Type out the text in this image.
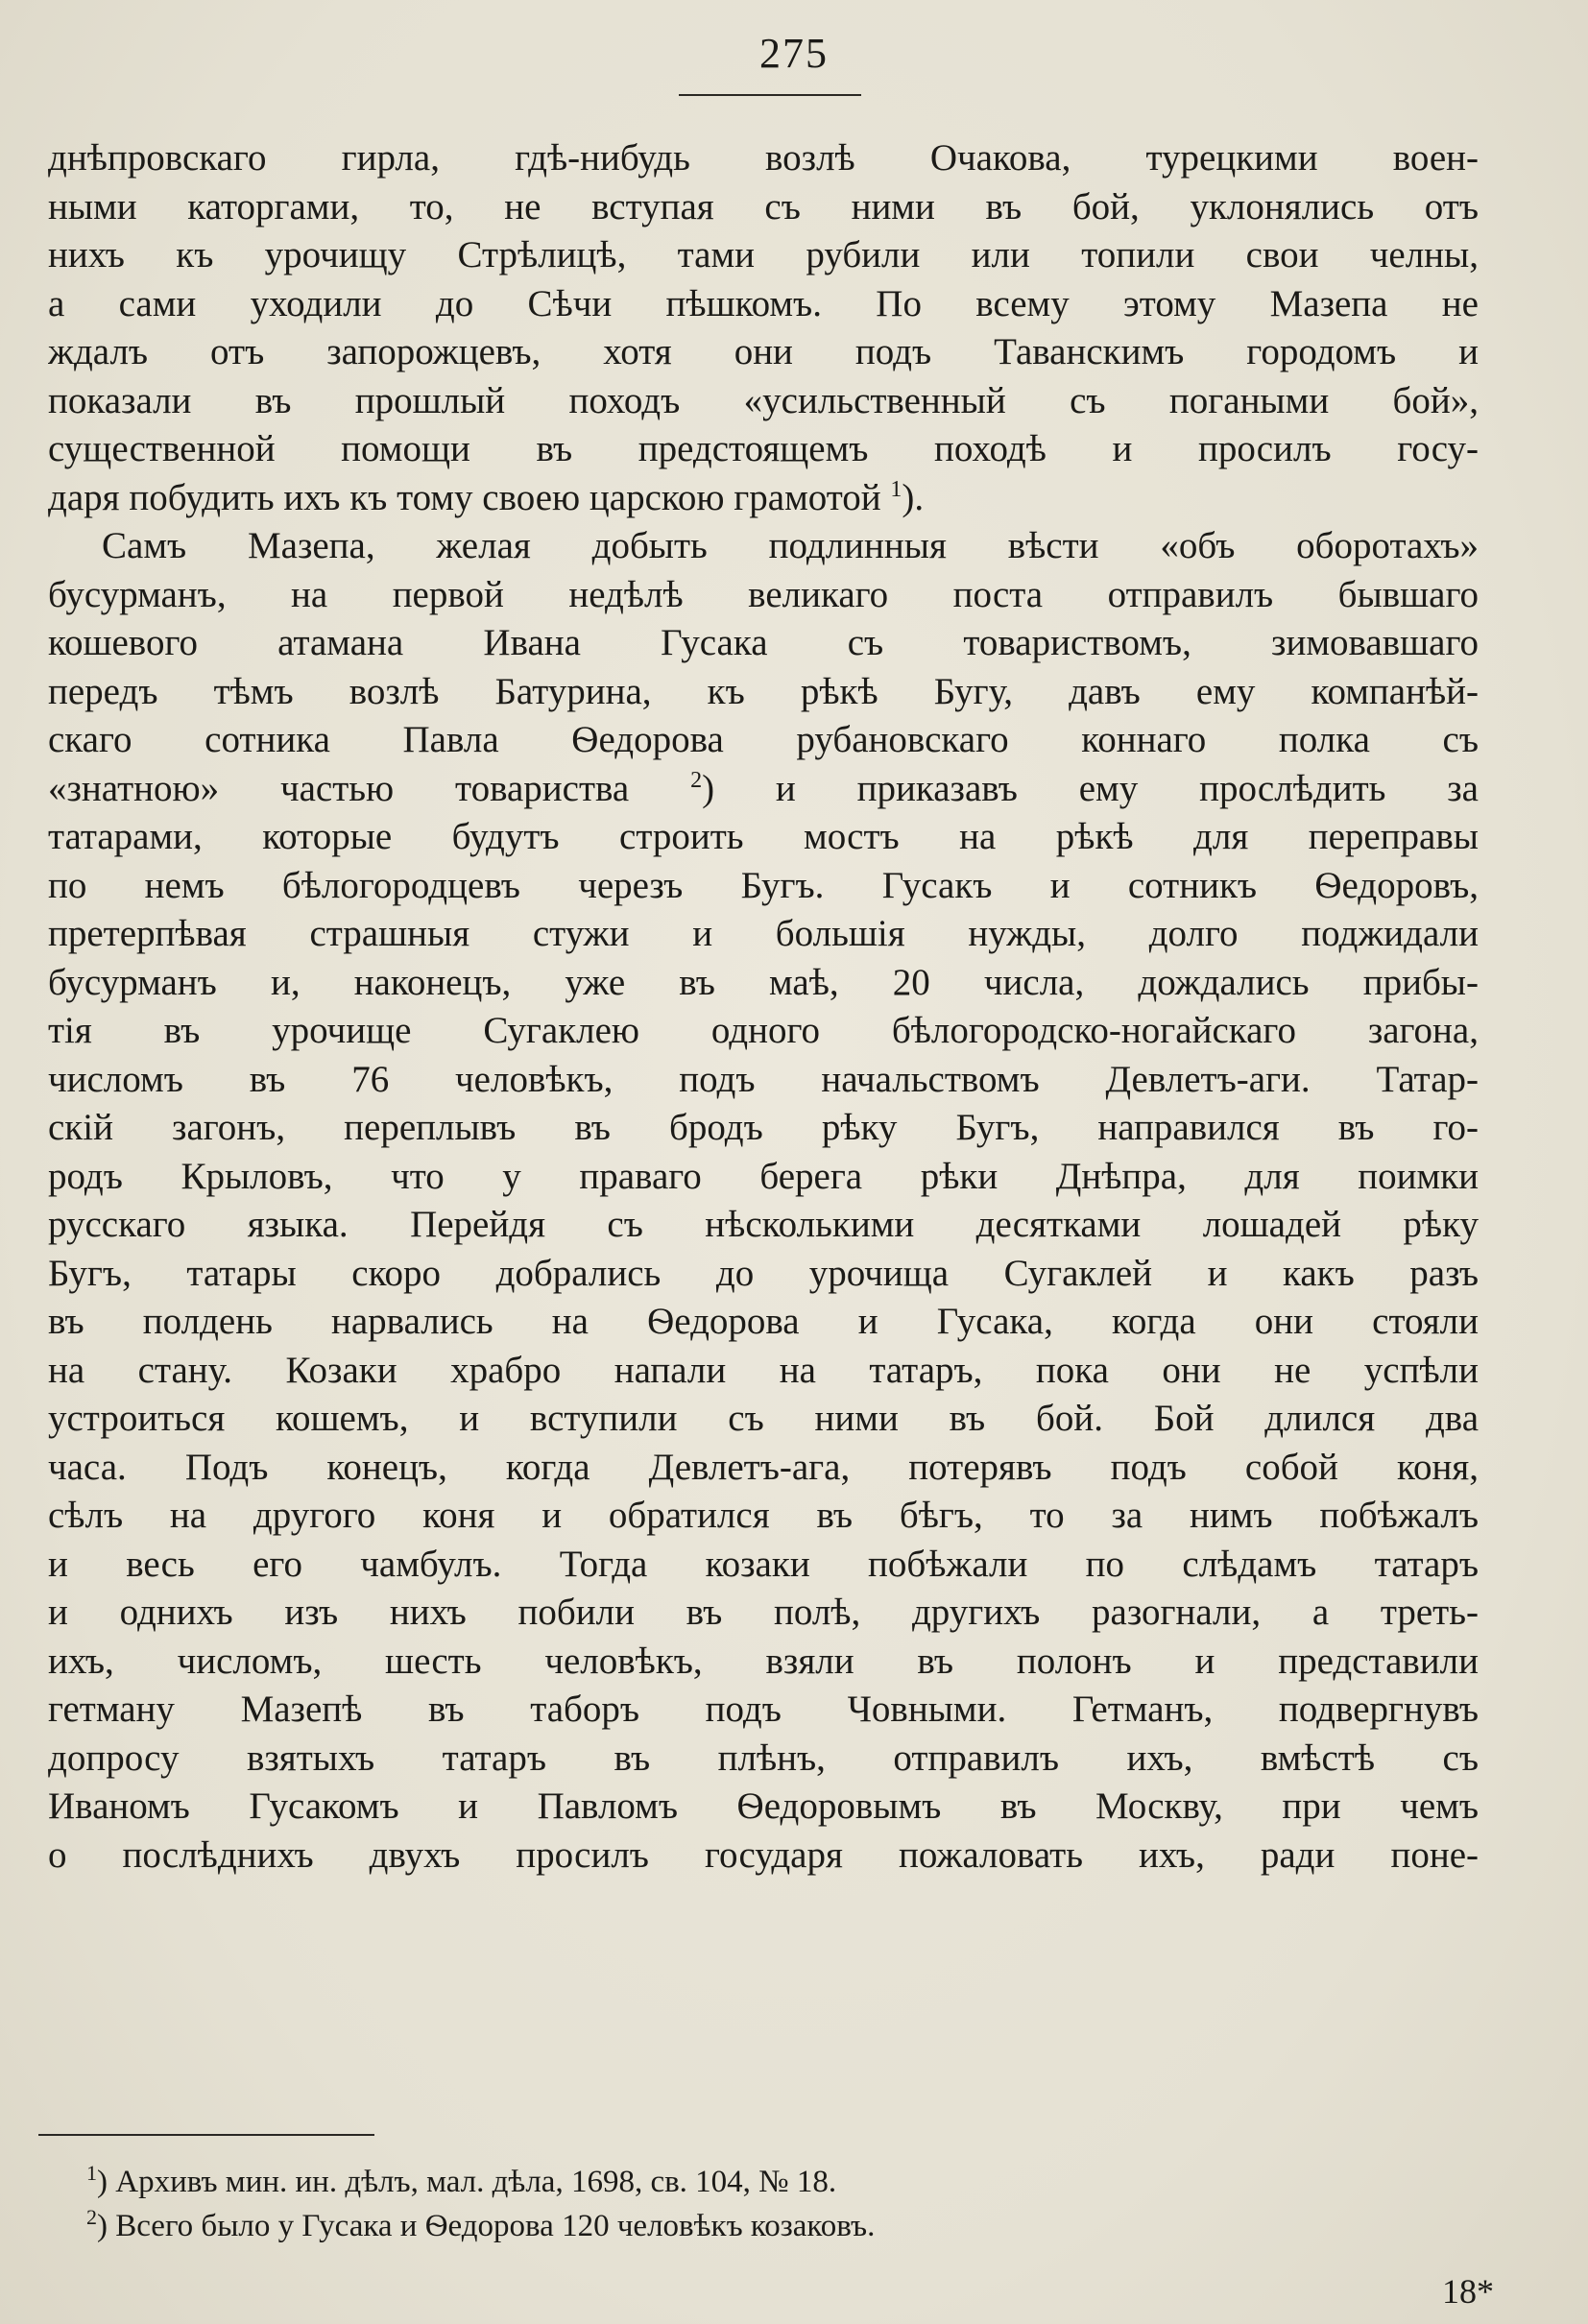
275
днѣпровскаго гирла, гдѣ-нибудь возлѣ Очакова, турецкими воен-
ными каторгами, то, не вступая съ ними въ бой, уклонялись отъ
нихъ къ урочищу Стрѣлицѣ, тами рубили или топили свои челны,
а сами уходили до Сѣчи пѣшкомъ. По всему этому Мазепа не
ждалъ отъ запорожцевъ, хотя они подъ Таванскимъ городомъ и
показали въ прошлый походъ «усильственный съ погаными бой»,
существенной помощи въ предстоящемъ походѣ и просилъ госу-
даря побудить ихъ къ тому своею царскою грамотой $^1$).
Самъ Мазепа, желая добыть подлинныя вѣсти «объ оборотахъ»
бусурманъ, на первой недѣлѣ великаго поста отправилъ бывшаго
кошевого атамана Ивана Гусака съ товариствомъ, зимовавшаго
передъ тѣмъ возлѣ Батурина, къ рѣкѣ Бугу, давъ ему компанѣй-
скаго сотника Павла Ѳедорова рубановскаго коннаго полка съ
«знатною» частью товариства	$^2$) и приказавъ ему прослѣдить за
татарами, которые будутъ строить мостъ на рѣкѣ для переправы
по немъ бѣлогородцевъ черезъ Бугъ. Гусакъ и сотникъ Ѳедоровъ,
претерпѣвая страшныя стужи и большія нужды, долго поджидали
бусурманъ и, наконецъ, уже въ маѣ, 20 числа, дождались прибы-
тія въ урочище Сугаклею одного бѣлогородско-ногайскаго загона,
числомъ въ 76 человѣкъ, подъ начальствомъ Девлетъ-аги. Татар-
скій загонъ, переплывъ въ бродъ рѣку Бугъ, направился въ го-
родъ Крыловъ, что у праваго берега рѣки Днѣпра, для поимки
русскаго языка. Перейдя съ нѣсколькими десятками лошадей рѣку
Бугъ, татары скоро добрались до урочища Сугаклей и какъ разъ
въ полдень нарвались на Ѳедорова и Гусака, когда они стояли
на стану. Козаки храбро напали на татаръ, пока они не успѣли
устроиться кошемъ, и вступили съ ними въ бой. Бой длился два
часа. Подъ конецъ, когда Девлетъ-ага, потерявъ подъ собой коня,
сѣлъ на другого коня и обратился въ бѣгъ, то за нимъ побѣжалъ
и весь его чамбулъ. Тогда козаки побѣжали по слѣдамъ татаръ
и однихъ изъ нихъ побили въ полѣ, другихъ разогнали, а треть-
ихъ, числомъ, шесть человѣкъ, взяли въ полонъ и представили
гетману Мазепѣ въ таборъ подъ Човными. Гетманъ, подвергнувъ
допросу взятыхъ татаръ въ плѣнъ, отправилъ ихъ, вмѣстѣ съ
Иваномъ Гусакомъ и Павломъ Ѳедоровымъ въ Москву, при чемъ
о послѣднихъ двухъ просилъ государя пожаловать ихъ, ради поне-
$^1$) Архивъ мин. ин. дѣлъ, мал. дѣла, 1698, св. 104, № 18.
$^2$) Всего было у Гусака и Ѳедорова 120 человѣкъ козаковъ.
18*
